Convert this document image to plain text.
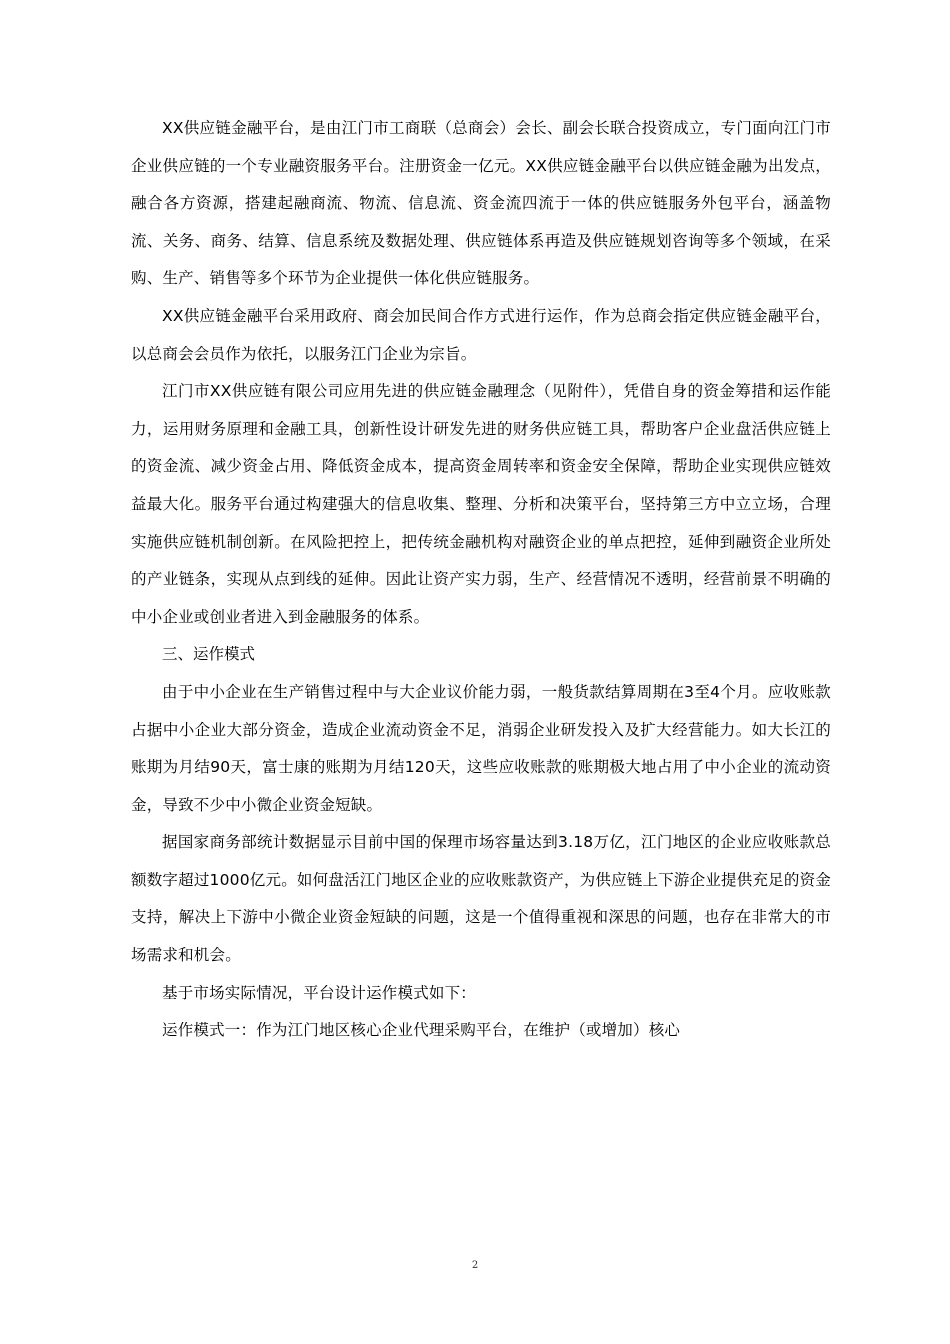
XX供应链金融平台，是由江门市工商联（总商会）会长、副会长联合投资成立，专门面向江门市企业供应链的一个专业融资服务平台。注册资金一亿元。XX供应链金融平台以供应链金融为出发点，融合各方资源，搭建起融商流、物流、信息流、资金流四流于一体的供应链服务外包平台，涵盖物流、关务、商务、结算、信息系统及数据处理、供应链体系再造及供应链规划咨询等多个领域，在采购、生产、销售等多个环节为企业提供一体化供应链服务。

XX供应链金融平台采用政府、商会加民间合作方式进行运作，作为总商会指定供应链金融平台，以总商会会员作为依托，以服务江门企业为宗旨。

江门市XX供应链有限公司应用先进的供应链金融理念（见附件），凭借自身的资金筹措和运作能力，运用财务原理和金融工具，创新性设计研发先进的财务供应链工具，帮助客户企业盘活供应链上的资金流、减少资金占用、降低资金成本，提高资金周转率和资金安全保障，帮助企业实现供应链效益最大化。服务平台通过构建强大的信息收集、整理、分析和决策平台，坚持第三方中立立场，合理实施供应链机制创新。在风险把控上，把传统金融机构对融资企业的单点把控，延伸到融资企业所处的产业链条，实现从点到线的延伸。因此让资产实力弱，生产、经营情况不透明，经营前景不明确的中小企业或创业者进入到金融服务的体系。

三、运作模式

由于中小企业在生产销售过程中与大企业议价能力弱，一般货款结算周期在3至4个月。应收账款占据中小企业大部分资金，造成企业流动资金不足，消弱企业研发投入及扩大经营能力。如大长江的账期为月结90天，富士康的账期为月结120天，这些应收账款的账期极大地占用了中小企业的流动资金，导致不少中小微企业资金短缺。

据国家商务部统计数据显示目前中国的保理市场容量达到3.18万亿，江门地区的企业应收账款总额数字超过1000亿元。如何盘活江门地区企业的应收账款资产，为供应链上下游企业提供充足的资金支持，解决上下游中小微企业资金短缺的问题，这是一个值得重视和深思的问题，也存在非常大的市场需求和机会。

基于市场实际情况，平台设计运作模式如下：

运作模式一：作为江门地区核心企业代理采购平台，在维护（或增加）核心

2
